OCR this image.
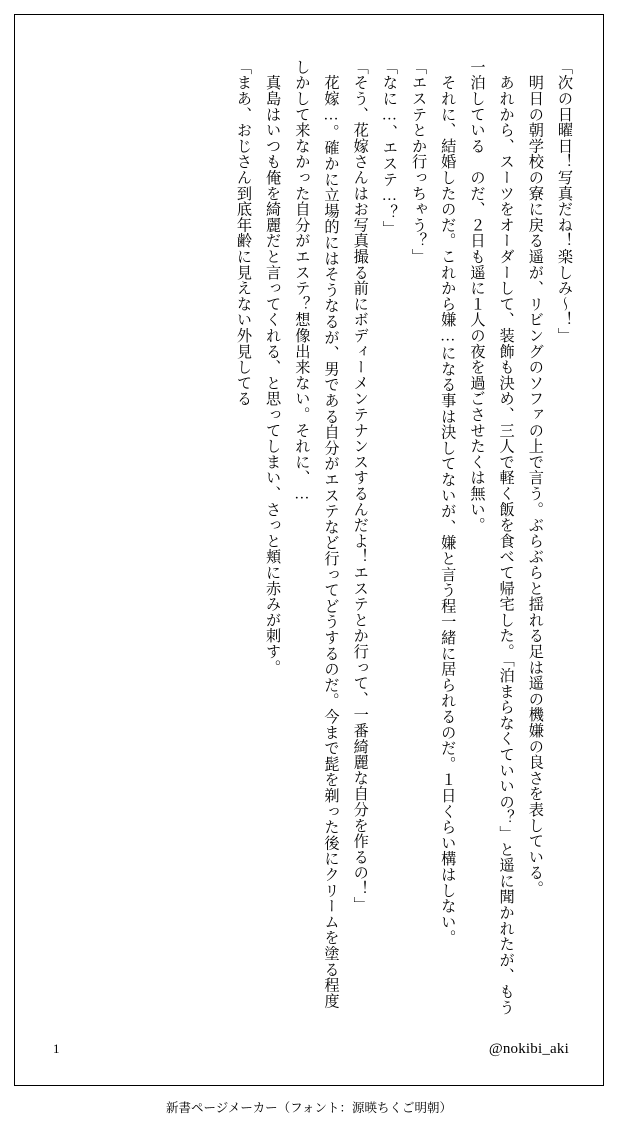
「次の日曜日！写真だね！楽しみ〜！」

　明日の朝学校の寮に戻る遥が、リビングのソファの上で言う。ぶらぶらと揺れる足は遥の機嫌の良さを表している。

　あれから、スーツをオーダーして、装飾も決め、三人で軽く飯を食べて帰宅した。「泊まらなくていいの？」と遥に聞かれたが、もう一泊している　のだ、２日も遥に１人の夜を過ごさせたくは無い。

　それに、結婚したのだ。これから嫌…になる事は決してないが、嫌と言う程一緒に居られるのだ。１日くらい構はしない。

「エステとか行っちゃう？」

「なに…、エステ…？」

「そう、花嫁さんはお写真撮る前にボディーメンテナンスするんだよ！エステとか行って、一番綺麗な自分を作るの！」

　花嫁…。確かに立場的にはそうなるが、男である自分がエステなど行ってどうするのだ。今まで髭を剃った後にクリームを塗る程度しかして来なかった自分がエステ？想像出来ない。それに、…

　真島はいつも俺を綺麗だと言ってくれる、と思ってしまい、さっと頬に赤みが刺す。

「まあ、おじさん到底年齢に見えない外見してる

1	@nokibi_aki
新書ページメーカー（フォント：源暎ちくご明朝）
